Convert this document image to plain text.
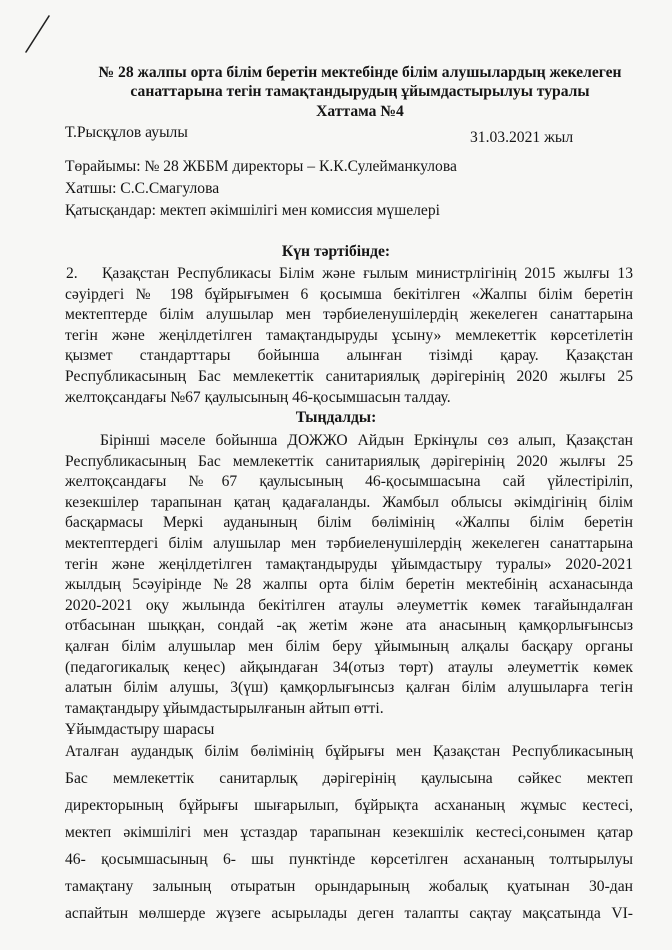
№ 28 жалпы орта білім беретін мектебінде білім алушылардың жекелеген
санаттарына тегін тамақтандырудың ұйымдастырылуы туралы
Хаттама №4
Т.Рысқұлов ауылы	31.03.2021 жыл
Төрайымы: № 28 ЖББМ директоры – К.К.Сулейманкулова
Хатшы: С.С.Смагулова
Қатысқандар: мектеп әкімшілігі мен комиссия мүшелері
Күн тәртібінде:
2. Қазақстан Республикасы Білім және ғылым министрлігінің 2015 жылғы 13
сәуірдегі № 198 бұйрығымен 6 қосымша бекітілген «Жалпы білім беретін
мектептерде білім алушылар мен тәрбиеленушілердің жекелеген санаттарына
тегін және жеңілдетілген тамақтандыруды ұсыну» мемлекеттік көрсетілетін
қызмет стандарттары бойынша алынған тізімді қарау. Қазақстан
Республикасының Бас мемлекеттік санитариялық дәрігерінің 2020 жылғы 25
желтоқсандағы №67 қаулысының 46-қосымшасын талдау.
Тыңдалды:
Бірінші мәселе бойынша ДОЖЖО Айдын Еркінұлы сөз алып, Қазақстан
Республикасының Бас мемлекеттік санитариялық дәрігерінің 2020 жылғы 25
желтоқсандағы №67 қаулысының 46-қосымшасына сай үйлестіріліп,
кезекшілер тарапынан қатаң қадағаланды. Жамбыл облысы әкімдігінің білім
басқармасы Меркі ауданының білім бөлімінің «Жалпы білім беретін
мектептердегі білім алушылар мен тәрбиеленушілердің жекелеген санаттарына
тегін және жеңілдетілген тамақтандыруды ұйымдастыру туралы» 2020-2021
жылдың 5сәуірінде №28 жалпы орта білім беретін мектебінің асханасында
2020-2021 оқу жылында бекітілген атаулы әлеуметтік көмек тағайындалған
отбасынан шыққан, сондай -ақ жетім және ата анасының қамқорлығынсыз
қалған білім алушылар мен білім беру ұйымының алқалы басқару органы
(педагогикалық кеңес) айқындаған 34(отыз төрт) атаулы әлеуметтік көмек
алатын білім алушы, 3(үш) қамқорлығынсыз қалған білім алушыларға тегін
тамақтандыру ұйымдастырылғанын айтып өтті.
Ұйымдастыру шарасы
Аталған аудандық білім бөлімінің бұйрығы мен Қазақстан Республикасының
Бас мемлекеттік санитарлық дәрігерінің қаулысына сәйкес мектеп
директорының бұйрығы шығарылып, бұйрықта асхананың жұмыс кестесі,
мектеп әкімшілігі мен ұстаздар тарапынан кезекшілік кестесі,сонымен қатар
46- қосымшасының 6- шы пунктінде көрсетілген асхананың толтырылуы
тамақтану залының отыратын орындарының жобалық қуатынан 30-дан
аспайтын мөлшерде жүзеге асырылады деген талапты сақтау мақсатында VI-
